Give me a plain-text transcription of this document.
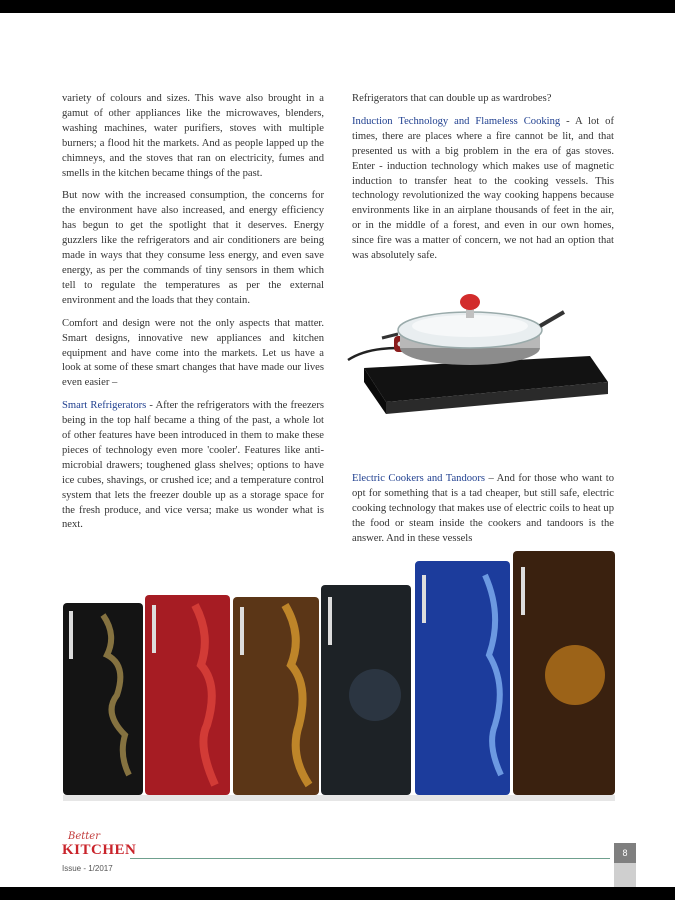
variety of colours and sizes. This wave also brought in a gamut of other appliances like the microwaves, blenders, washing machines, water purifiers, stoves with multiple burners; a flood hit the markets. And as people lapped up the chimneys, and the stoves that ran on electricity, fumes and smells in the kitchen became things of the past.

But now with the increased consumption, the concerns for the environment have also increased, and energy efficiency has begun to get the spotlight that it deserves. Energy guzzlers like the refrigerators and air conditioners are being made in ways that they consume less energy, and even save energy, as per the commands of tiny sensors in them which tell to regulate the temperatures as per the external environment and the loads that they contain.

Comfort and design were not the only aspects that matter. Smart designs, innovative new appliances and kitchen equipment and have come into the markets. Let us have a look at some of these smart changes that have made our lives even easier –

Smart Refrigerators - After the refrigerators with the freezers being in the top half became a thing of the past, a whole lot of other features have been introduced in them to make these pieces of technology even more 'cooler'. Features like anti-microbial drawers; toughened glass shelves; options to have ice cubes, shavings, or crushed ice; and a temperature control system that lets the freezer double up as a storage space for the fresh produce, and vice versa; make us wonder what is next.

Refrigerators that can double up as wardrobes?

Induction Technology and Flameless Cooking - A lot of times, there are places where a fire cannot be lit, and that presented us with a big problem in the era of gas stoves. Enter - induction technology which makes use of magnetic induction to transfer heat to the cooking vessels. This technology revolutionized the way cooking happens because environments like in an airplane thousands of feet in the air, or in the middle of a forest, and even in our own homes, since fire was a matter of concern, we not had an option that was absolutely safe.

Electric Cookers and Tandoors – And for those who want to opt for something that is a tad cheaper, but still safe, electric cooking technology that makes use of electric coils to heat up the food or steam inside the cookers and tandoors is the answer. And in these vessels

Better
KITCHEN
Issue - 1/2017
8
